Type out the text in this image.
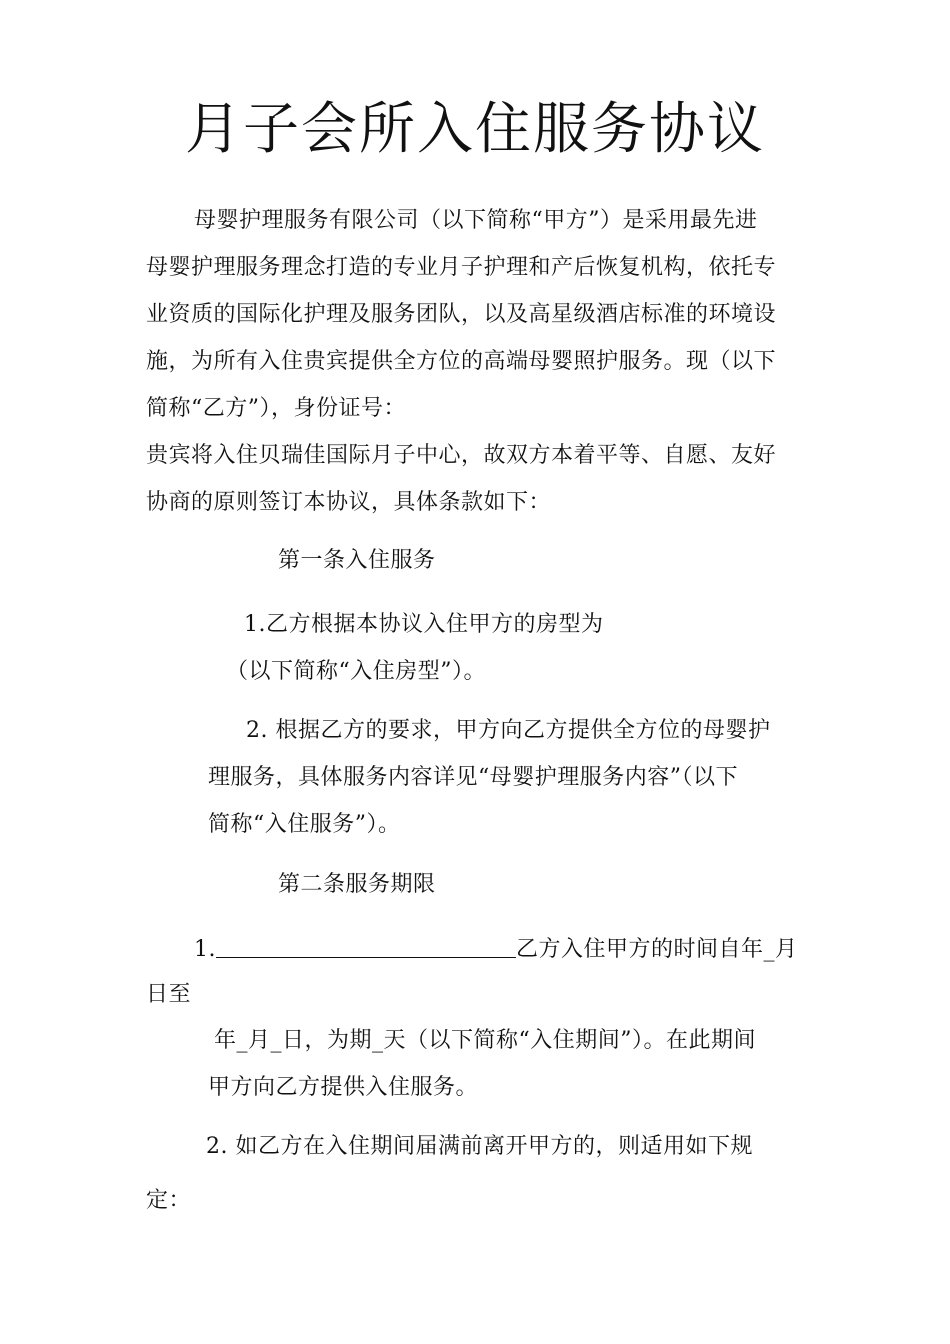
月子会所入住服务协议
母婴护理服务有限公司（以下简称“甲方”）是采用最先进
母婴护理服务理念打造的专业月子护理和产后恢复机构，依托专
业资质的国际化护理及服务团队，以及高星级酒店标准的环境设
施，为所有入住贵宾提供全方位的高端母婴照护服务。现（以下
简称“乙方”），身份证号：
贵宾将入住贝瑞佳国际月子中心，故双方本着平等、自愿、友好
协商的原则签订本协议，具体条款如下：
第一条入住服务
1.乙方根据本协议入住甲方的房型为
（以下简称“入住房型”）。
2. 根据乙方的要求，甲方向乙方提供全方位的母婴护
理服务，具体服务内容详见“母婴护理服务内容”（以下
简称“入住服务”）。
第二条服务期限
1.	乙方入住甲方的时间自年_月
日至
年_月_日，为期_天（以下简称“入住期间”）。在此期间
甲方向乙方提供入住服务。
2. 如乙方在入住期间届满前离开甲方的，则适用如下规
定：
